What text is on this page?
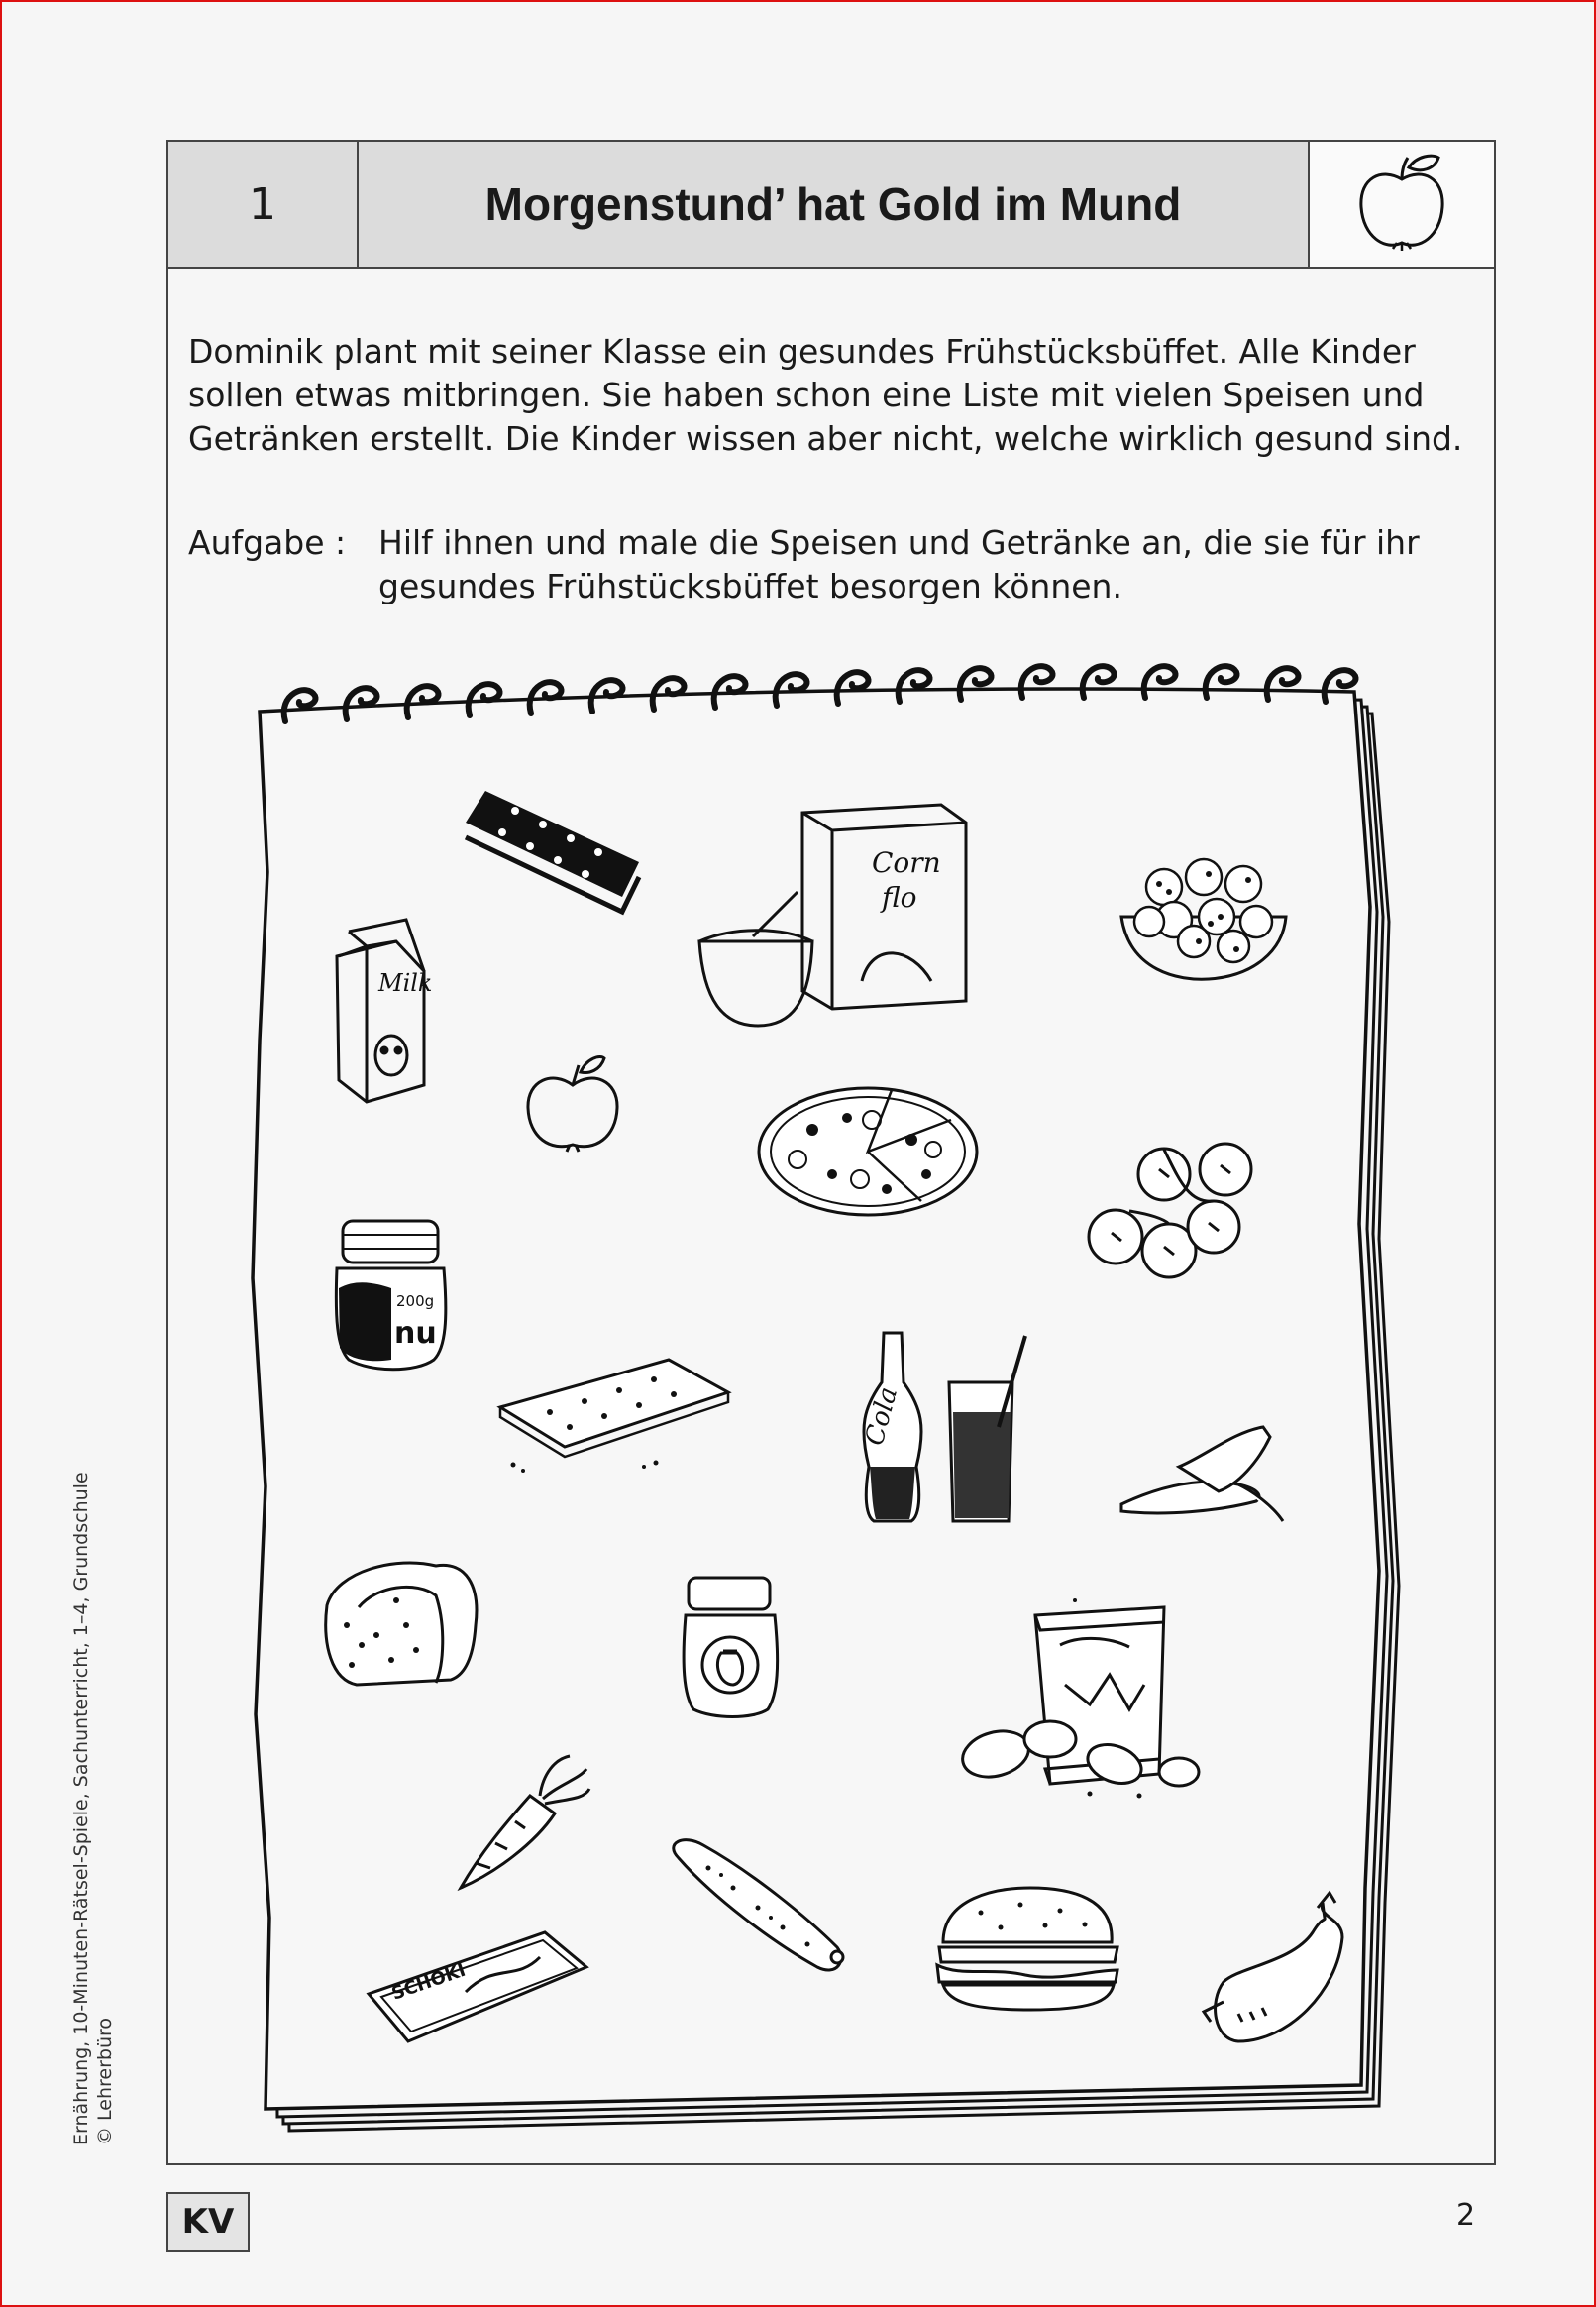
1	Morgenstund’ hat Gold im Mund
Dominik plant mit seiner Klasse ein gesundes Frühstücksbüffet. Alle Kinder sollen etwas mitbringen. Sie haben schon eine Liste mit vielen Speisen und Getränken erstellt. Die Kinder wissen aber nicht, welche wirklich gesund sind.
Aufgabe : Hilf ihnen und male die Speisen und Getränke an, die sie für ihr gesundes Frühstücksbüffet besorgen können.
Corn
flo
Milk
200g
nu
Cola
SCHOKI
Ernährung, 10-Minuten-Rätsel-Spiele, Sachunterricht, 1–4, Grundschule © Lehrerbüro
KV	2
